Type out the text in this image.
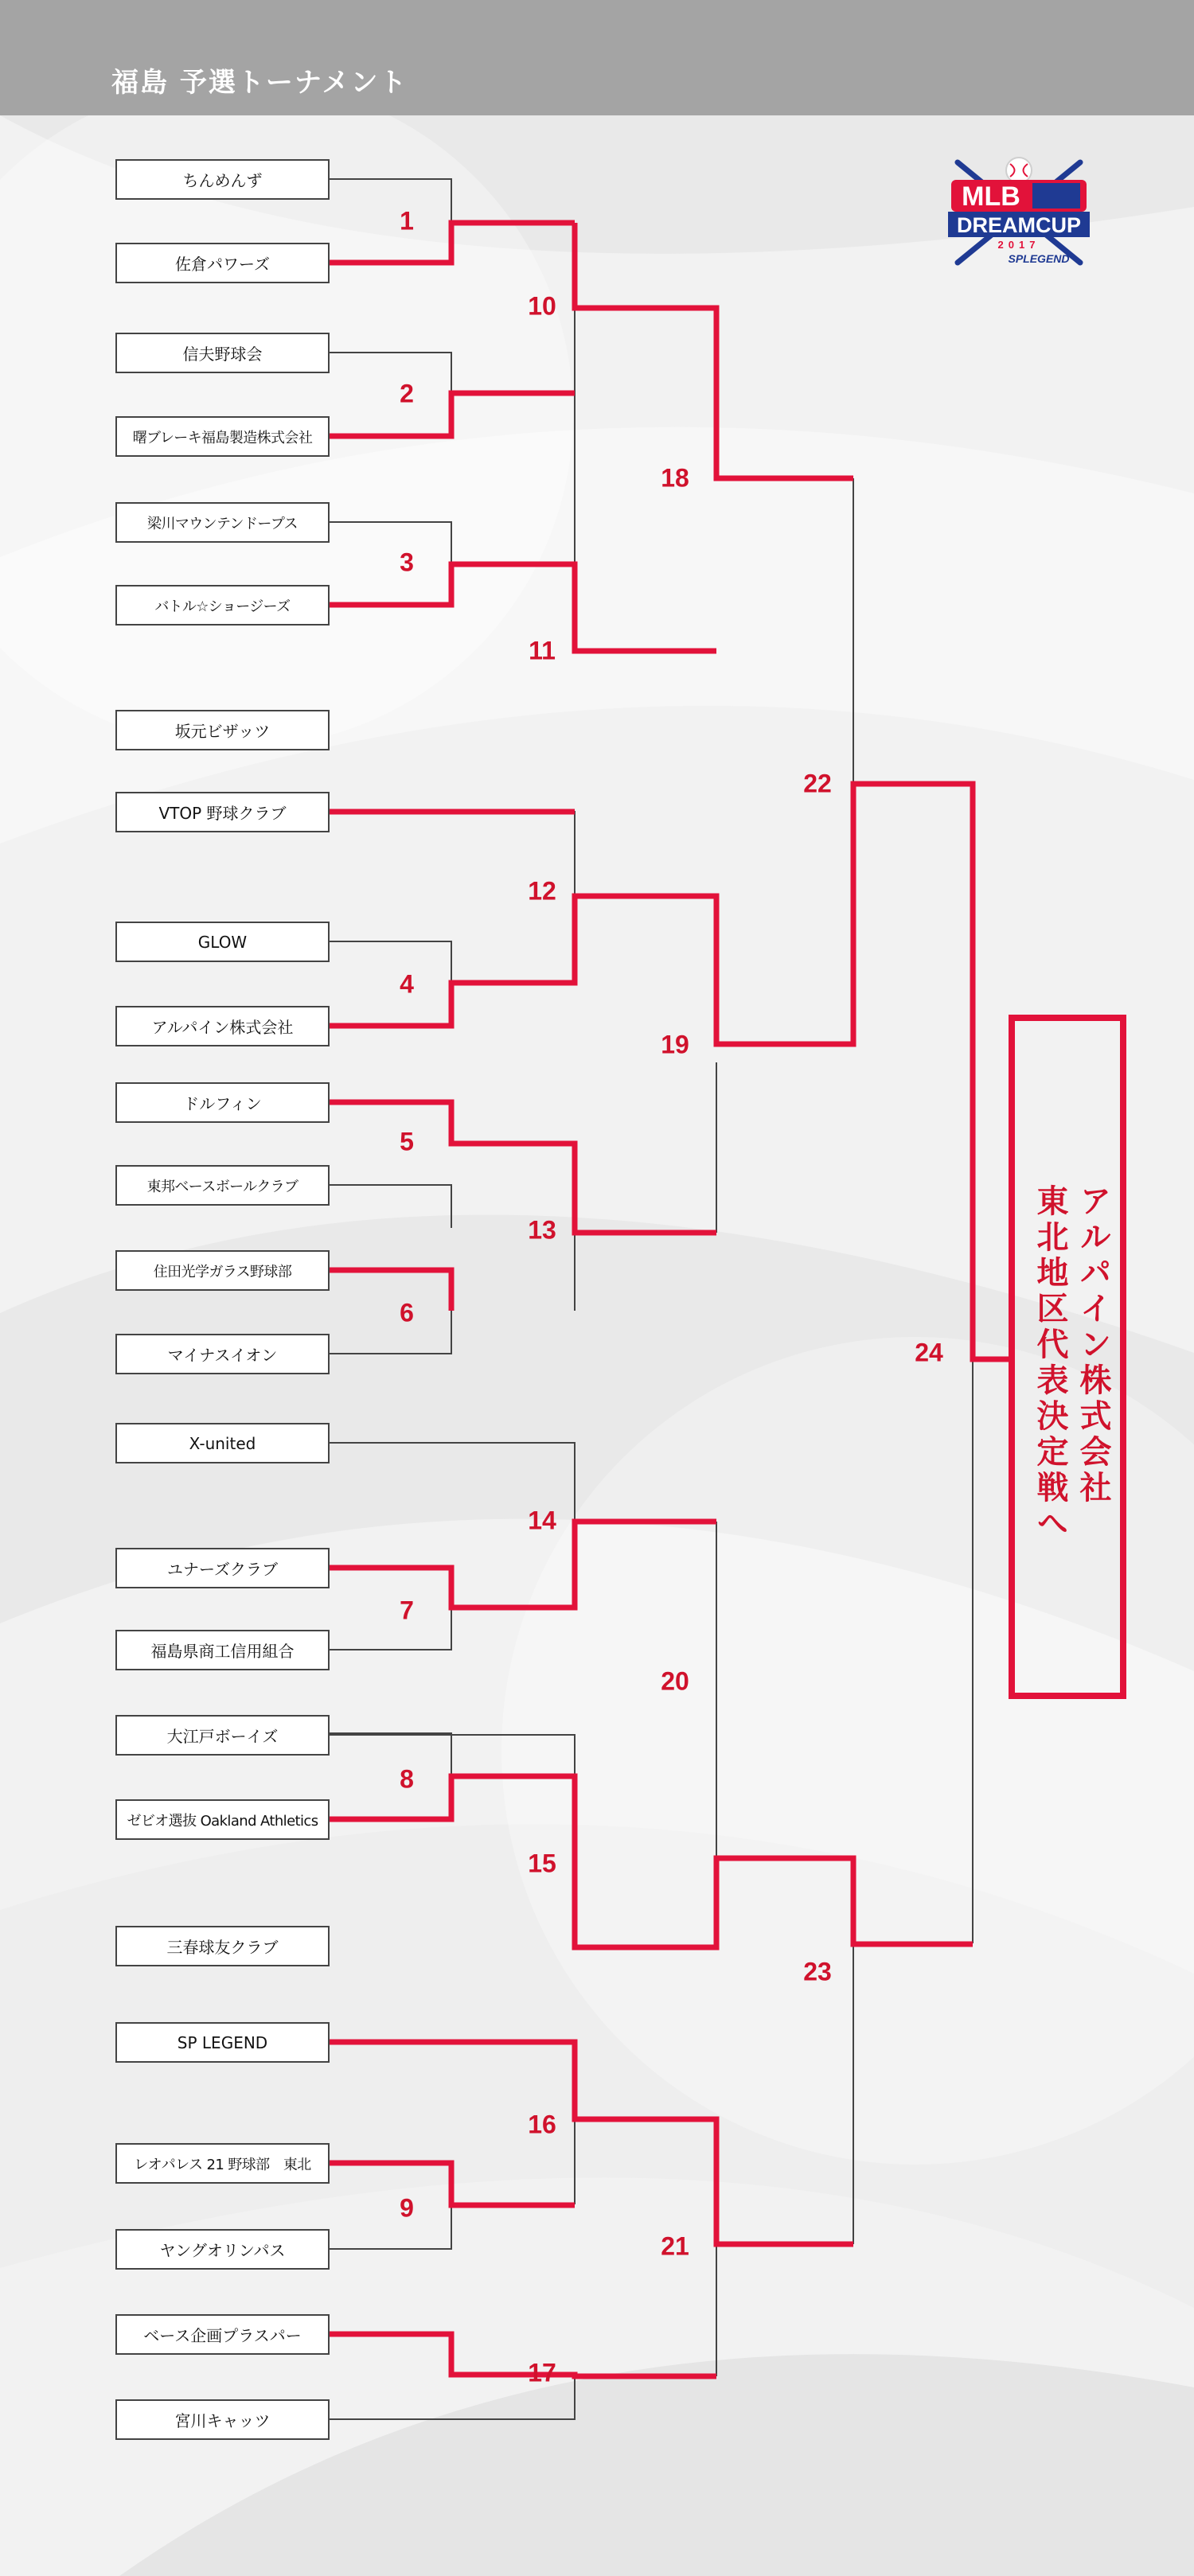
福島 予選トーナメント
ちんめんず
佐倉パワーズ
信夫野球会
曙ブレーキ福島製造株式会社
梁川マウンテンドープス
バトル☆ショージーズ
坂元ビザッツ
VTOP 野球クラブ
GLOW
アルパイン株式会社
ドルフィン
東邦ベースボールクラブ
住田光学ガラス野球部
マイナスイオン
X-united
ユナーズクラブ
福島県商工信用組合
大江戸ボーイズ
ゼビオ選抜 Oakland Athletics
三春球友クラブ
SP LEGEND
レオパレス 21 野球部　東北
ヤングオリンパス
ベース企画プラスパー
宮川キャッツ
1
2
3
4
5
6
7
8
9
10
11
12
13
14
15
16
17
18
19
20
21
22
23
24	アルパイン株式会社
東北地区代表決定戦へ
MLB
DREAMCUP
2017
SPLEGEND
